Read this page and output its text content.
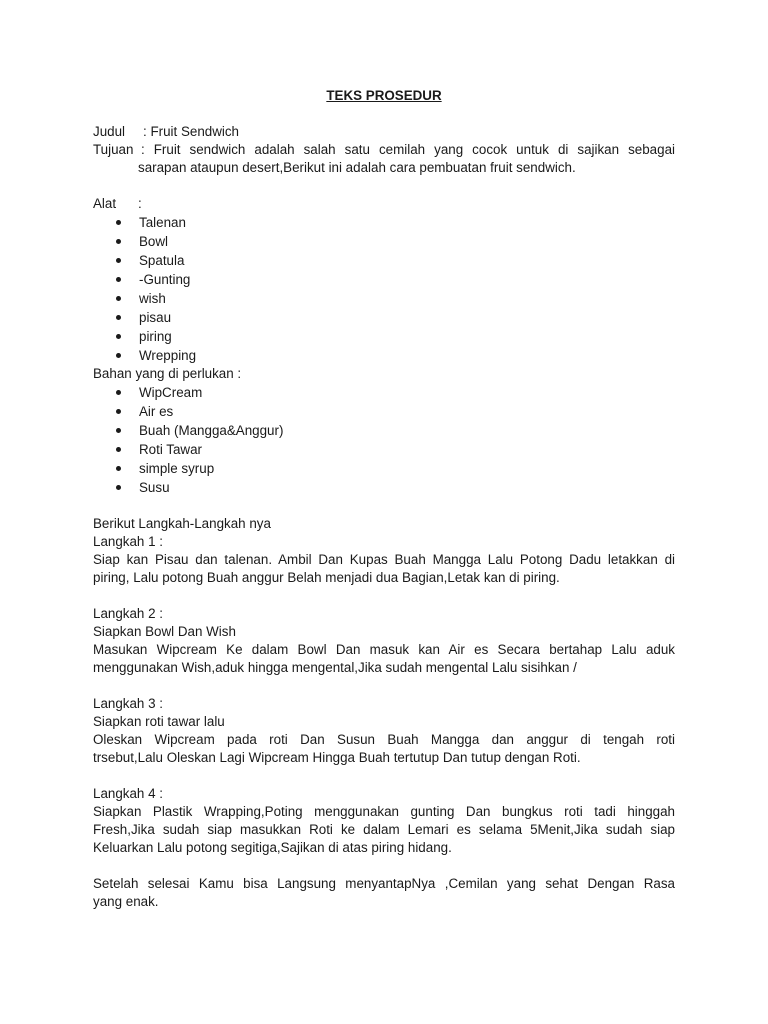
TEKS PROSEDUR
Judul	: Fruit Sendwich
Tujuan : Fruit sendwich adalah salah satu cemilah yang cocok untuk di sajikan sebagai
sarapan ataupun desert,Berikut ini adalah cara pembuatan fruit sendwich.
Alat	:
Talenan
Bowl
Spatula
-Gunting
wish
pisau
piring
Wrepping
Bahan yang di perlukan :
WipCream
Air es
Buah (Mangga&Anggur)
Roti Tawar
simple syrup
Susu
Berikut Langkah-Langkah nya
Langkah 1 :
Siap kan Pisau dan talenan. Ambil Dan Kupas Buah Mangga Lalu Potong Dadu letakkan di
piring, Lalu potong Buah anggur Belah menjadi dua Bagian,Letak kan di piring.
Langkah 2 :
Siapkan Bowl Dan Wish
Masukan Wipcream Ke dalam Bowl Dan masuk kan Air es Secara bertahap Lalu aduk
menggunakan Wish,aduk hingga mengental,Jika sudah mengental Lalu sisihkan /
Langkah 3 :
Siapkan roti tawar lalu
Oleskan Wipcream pada roti Dan Susun Buah Mangga dan anggur di tengah roti
trsebut,Lalu Oleskan Lagi Wipcream Hingga Buah tertutup Dan tutup dengan Roti.
Langkah 4 :
Siapkan Plastik Wrapping,Poting menggunakan gunting Dan bungkus roti tadi hinggah
Fresh,Jika sudah siap masukkan Roti ke dalam Lemari es selama 5Menit,Jika sudah siap
Keluarkan Lalu potong segitiga,Sajikan di atas piring hidang.
Setelah selesai Kamu bisa Langsung menyantapNya ,Cemilan yang sehat Dengan Rasa
yang enak.
